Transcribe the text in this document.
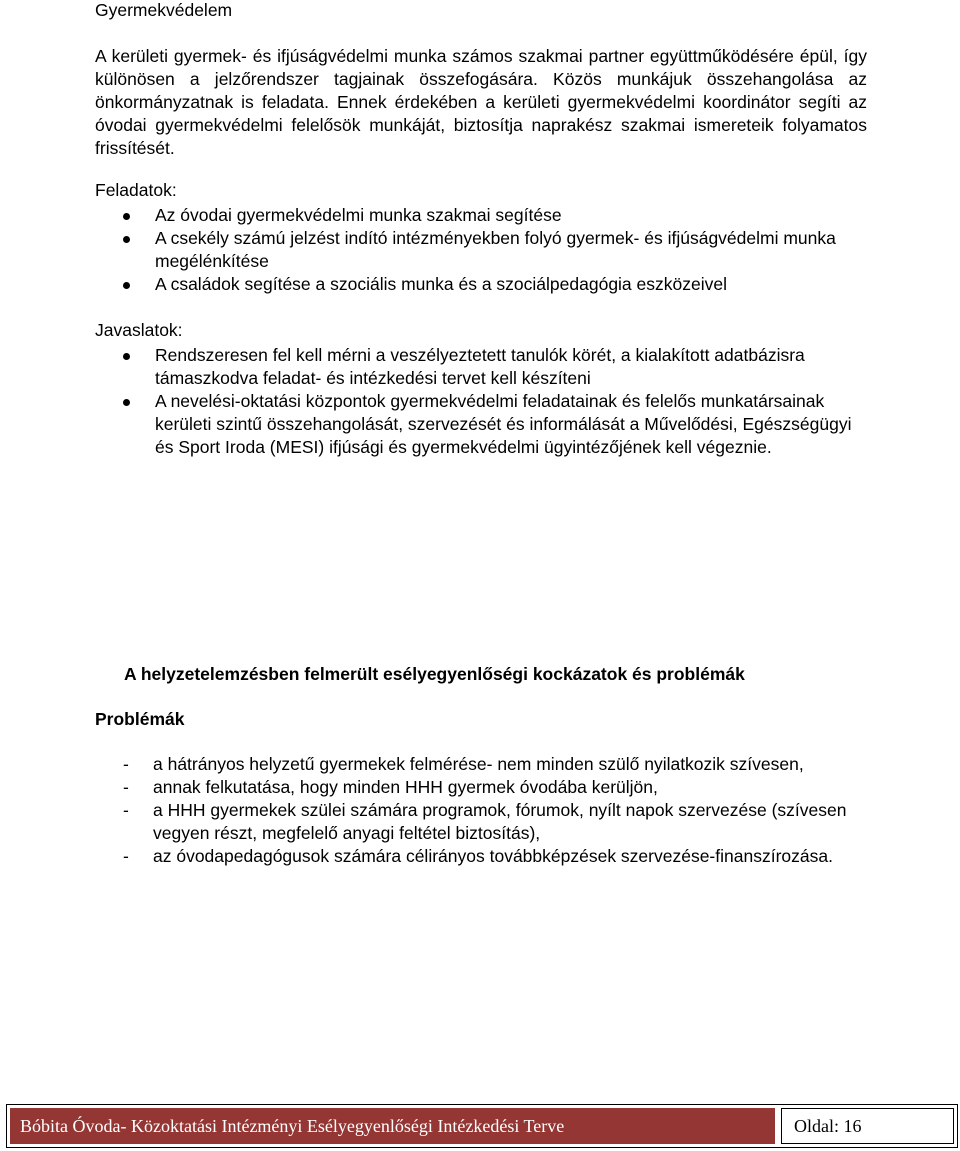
Gyermekvédelem
A kerületi gyermek- és ifjúságvédelmi munka számos szakmai partner együttműködésére épül, így különösen a jelzőrendszer tagjainak összefogására. Közös munkájuk összehangolása az önkormányzatnak is feladata. Ennek érdekében a kerületi gyermekvédelmi koordinátor segíti az óvodai gyermekvédelmi felelősök munkáját, biztosítja naprakész szakmai ismereteik folyamatos frissítését.
Feladatok:
Az óvodai gyermekvédelmi munka szakmai segítése
A csekély számú jelzést indító intézményekben folyó gyermek- és ifjúságvédelmi munka megélénkítése
A családok segítése a szociális munka és a szociálpedagógia eszközeivel
Javaslatok:
Rendszeresen fel kell mérni a veszélyeztetett tanulók körét, a kialakított adatbázisra támaszkodva feladat- és intézkedési tervet kell készíteni
A nevelési-oktatási központok gyermekvédelmi feladatainak és felelős munkatársainak kerületi szintű összehangolását, szervezését és informálását a Művelődési, Egészségügyi és Sport Iroda (MESI) ifjúsági és gyermekvédelmi ügyintézőjének kell végeznie.
A helyzetelemzésben felmerült esélyegyenlőségi kockázatok és problémák
Problémák
- a hátrányos helyzetű gyermekek felmérése- nem minden szülő nyilatkozik szívesen,
- annak felkutatása, hogy minden HHH gyermek óvodába kerüljön,
- a HHH gyermekek szülei számára programok, fórumok, nyílt napok szervezése (szívesen vegyen részt, megfelelő anyagi feltétel biztosítás),
- az óvodapedagógusok számára célirányos továbbképzések szervezése-finanszírozása.
Bóbita Óvoda- Közoktatási Intézményi Esélyegyenlőségi Intézkedési Terve	Oldal: 16
